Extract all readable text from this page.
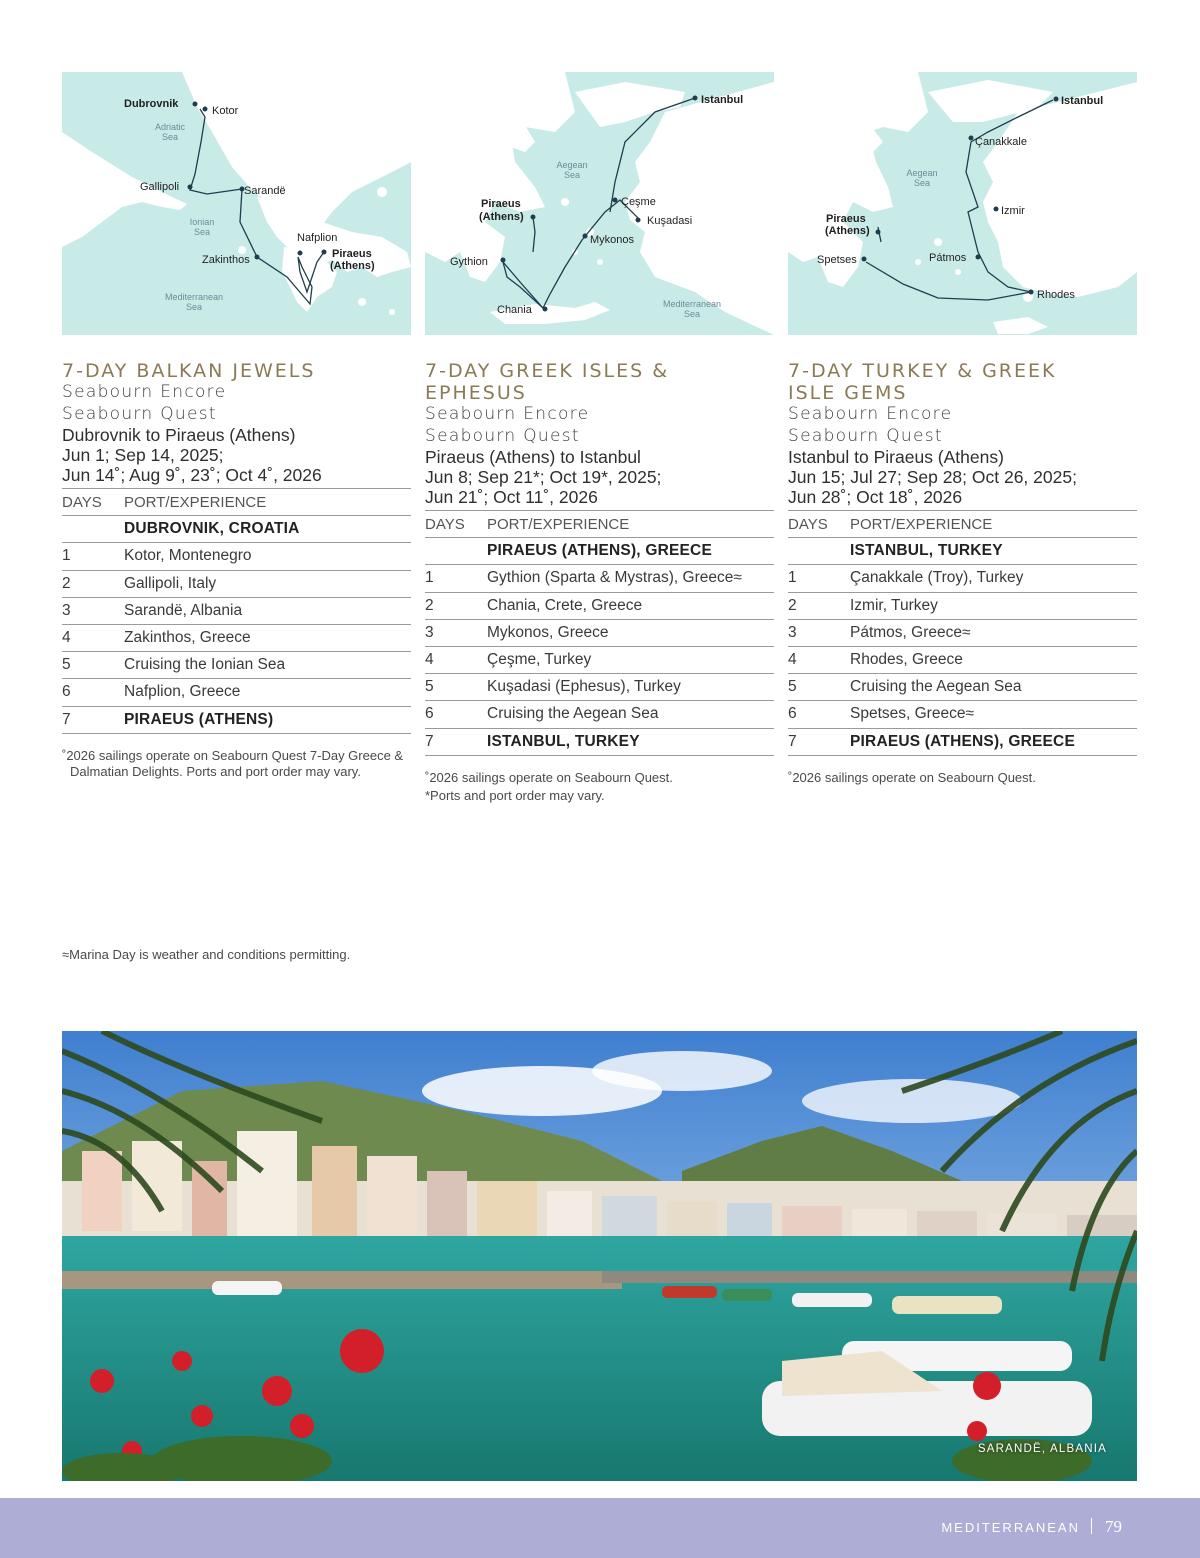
Dubrovnik
Kotor
Gallipoli	Sarandë
Zakinthos
Nafplion
Piraeus
(Athens)
Adriatic
Sea
Ionian
Sea
Mediterranean
Sea
Istanbul
Piraeus
(Athens)
Çeşme
Kuşadasi
Mykonos
Gythion
Chania
Aegean
Sea
Mediterranean
Sea
Istanbul
Çanakkale
Izmir
Piraeus
(Athens)
Spetses	Pátmos
Rhodes
Aegean
Sea
7-DAY BALKAN JEWELS
Seabourn Encore
Seabourn Quest
Dubrovnik to Piraeus (Athens)
Jun 1; Sep 14, 2025;
Jun 14˚; Aug 9˚, 23˚; Oct 4˚, 2026
DAYS	PORT/EXPERIENCE
	DUBROVNIK, CROATIA
1	Kotor, Montenegro
2	Gallipoli, Italy
3	Sarandë, Albania
4	Zakinthos, Greece
5	Cruising the Ionian Sea
6	Nafplion, Greece
7	PIRAEUS (ATHENS)
˚2026 sailings operate on Seabourn Quest 7-Day Greece & Dalmatian Delights. Ports and port order may vary.
7-DAY GREEK ISLES & EPHESUS
Seabourn Encore
Seabourn Quest
Piraeus (Athens) to Istanbul
Jun 8; Sep 21*; Oct 19*, 2025;
Jun 21˚; Oct 11˚, 2026
DAYS	PORT/EXPERIENCE
	PIRAEUS (ATHENS), GREECE
1	Gythion (Sparta & Mystras), Greece≈
2	Chania, Crete, Greece
3	Mykonos, Greece
4	Çeşme, Turkey
5	Kuşadasi (Ephesus), Turkey
6	Cruising the Aegean Sea
7	ISTANBUL, TURKEY
˚2026 sailings operate on Seabourn Quest.
*Ports and port order may vary.
7-DAY TURKEY & GREEK
ISLE GEMS
Seabourn Encore
Seabourn Quest
Istanbul to Piraeus (Athens)
Jun 15; Jul 27; Sep 28; Oct 26, 2025;
Jun 28˚; Oct 18˚, 2026
DAYS	PORT/EXPERIENCE
	ISTANBUL, TURKEY
1	Çanakkale (Troy), Turkey
2	Izmir, Turkey
3	Pátmos, Greece≈
4	Rhodes, Greece
5	Cruising the Aegean Sea
6	Spetses, Greece≈
7	PIRAEUS (ATHENS), GREECE
˚2026 sailings operate on Seabourn Quest.
≈Marina Day is weather and conditions permitting.
SARANDË, ALBANIA
MEDITERRANEAN 79
